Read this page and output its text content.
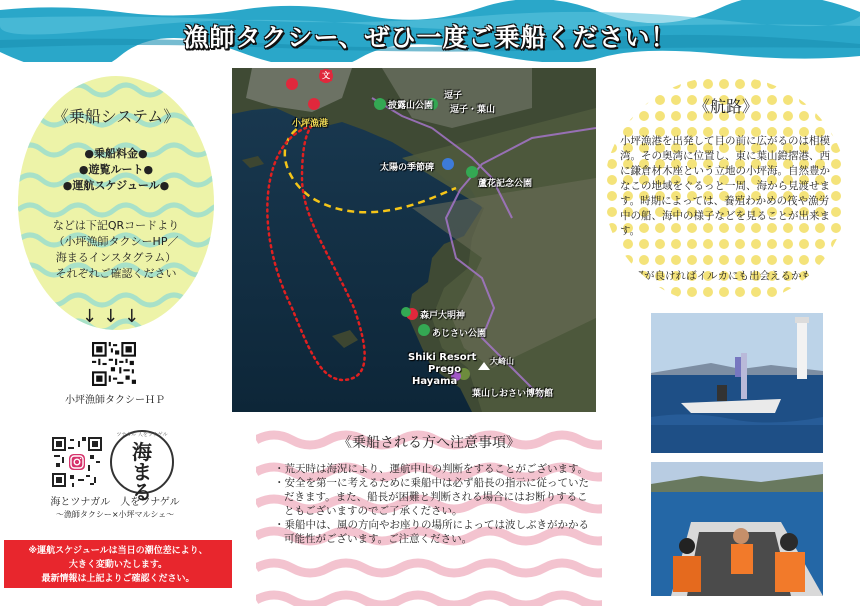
漁師タクシー、ぜひ一度ご乗船ください！
《乗船システム》
●乗船料金●
●遊覧ルート●
●運航スケジュール●
などは下記QRコードより
（小坪漁師タクシーHP／
海まるインスタグラム）
それぞれご確認ください
↓↓↓
小坪漁師タクシーＨＰ
ツナガル 人をツナゲル
海まる
海とツナガル　人をツナゲル
～漁師タクシー×小坪マルシェ～
※運航スケジュールは当日の潮位差により、
大きく変動いたします。
最新情報は上記よりご確認ください。
文
小坪漁港
披露山公園
逗子
逗子・葉山
太陽の季節碑
蘆花記念公園
森戸大明神
あじさい公園
Shiki Resort
Prego
Hayama
大崎山
葉山しおさい博物館
《航路》
小坪漁港を出発して目の前に広がるのは相模湾。その奥湾に位置し、東に葉山鐙摺港、西に鎌倉材木座という立地の小坪海。自然豊かなこの地域をぐるっと一周、海から見渡せます。時期によっては、養殖わかめの筏や漁労中の船、海中の様子などを見ることが出来ます。
運が良ければイルカにも出会えるかも！
《乗船される方へ注意事項》
・荒天時は海況により、運航中止の判断をすることがございます。
・安全を第一に考えるために乗船中は必ず船長の指示に従っていただきます。また、船長が困難と判断される場合にはお断りすることもございますのでご了承ください。
・乗船中は、風の方向やお座りの場所によっては波しぶきがかかる可能性がございます。ご注意ください。
